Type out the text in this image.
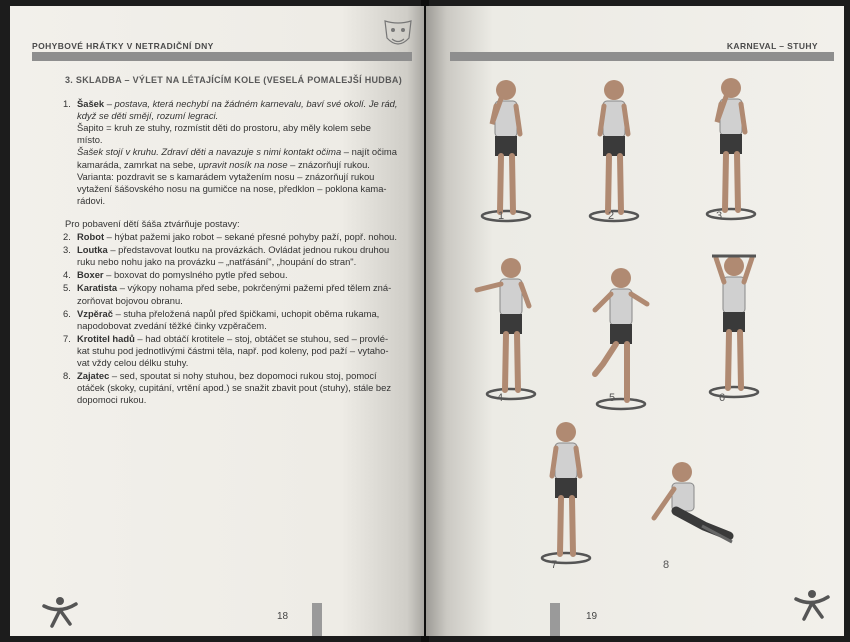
POHYBOVÉ HRÁTKY V NETRADIČNÍ DNY
3. SKLADBA – VÝLET NA LÉTAJÍCÍM KOLE (VESELÁ POMALEJŠÍ HUDBA)
1. Šašek – postava, která nechybí na žádném karnevalu, baví své okolí. Je rád,

když se děti smějí, rozumí legraci.

Šapito = kruh ze stuhy, rozmístit děti do prostoru, aby měly kolem sebe

místo.

Šašek stojí v kruhu. Zdraví děti a navazuje s nimi kontakt očima – najít očima

kamaráda, zamrkat na sebe, upravit nosík na nose – znázorňují rukou.

Varianta: pozdravit se s kamarádem vytažením nosu – znázorňují rukou

vytažení šášovského nosu na gumičce na nose, předklon – poklona kama-

rádovi.

Pro pobavení dětí šáša ztvárňuje postavy:

2. Robot – hýbat pažemi jako robot – sekané přesné pohyby paží, popř. nohou.

3. Loutka – představovat loutku na provázkách. Ovládat jednou rukou druhou

ruku nebo nohu jako na provázku – „natřásání", „houpání do stran".

4. Boxer – boxovat do pomyslného pytle před sebou.

5. Karatista – výkopy nohama před sebe, pokrčenými pažemi před tělem zná-

zorňovat bojovou obranu.

6. Vzpěrač – stuha přeložená napůl před špičkami, uchopit oběma rukama,

napodobovat zvedání těžké činky vzpěračem.

7. Krotitel hadů – had obtáčí krotitele – stoj, obtáčet se stuhou, sed – provlé-

kat stuhu pod jednotlivými částmi těla, např. pod koleny, pod paží – vytaho-

vat vždy celou délku stuhy.

8. Zajatec – sed, spoutat si nohy stuhou, bez dopomoci rukou stoj, pomocí

otáček (skoky, cupitání, vrtění apod.) se snažit zbavit pout (stuhy), stále bez

dopomoci rukou.

18
KARNEVAL – STUHY
1	2	3
4	5	6
7	8
19
